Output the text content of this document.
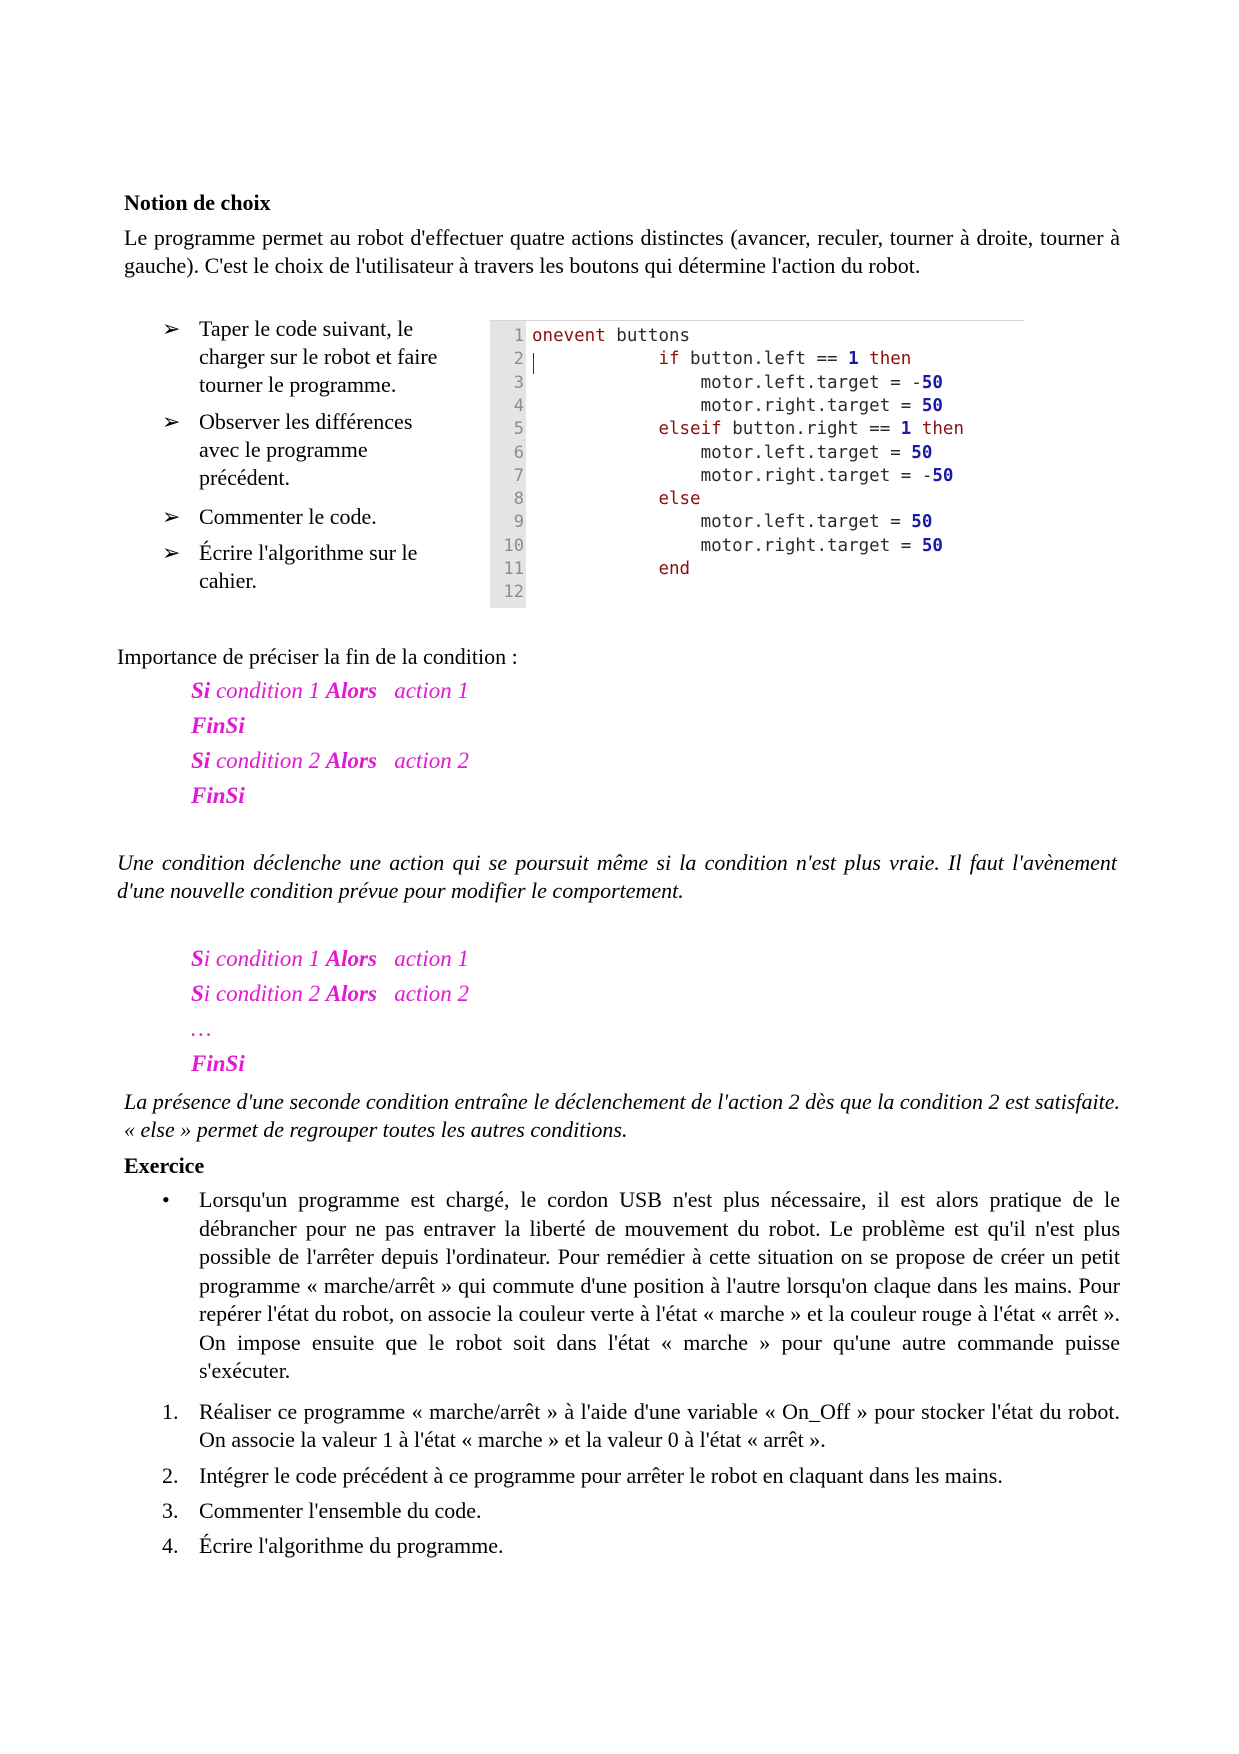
Notion de choix
Le programme permet au robot d'effectuer quatre actions distinctes (avancer, reculer, tourner à droite, tourner à gauche). C'est le choix de l'utilisateur à travers les boutons qui détermine l'action du robot.
➢ Taper le code suivant, le
charger sur le robot et faire
tourner le programme.
➢ Observer les différences
avec le programme
précédent.
➢ Commenter le code.
➢ Écrire l'algorithme sur le
cahier.
1
2
3
4
5
6
7
8
9
10
11
12
onevent buttons
if button.left == 1 then
motor.left.target = -50
motor.right.target = 50
elseif button.right == 1 then
motor.left.target = 50
motor.right.target = -50
else
motor.left.target = 50
motor.right.target = 50
end
Importance de préciser la fin de la condition :
Si condition 1 Alors   action 1
FinSi
Si condition 2 Alors   action 2
FinSi
Une condition déclenche une action qui se poursuit même si la condition n'est plus vraie. Il faut l'avènement d'une nouvelle condition prévue pour modifier le comportement.
Si condition 1 Alors   action 1
Si condition 2 Alors   action 2
…
FinSi
La présence d'une seconde condition entraîne le déclenchement de l'action 2 dès que la condition 2 est satisfaite. « else » permet de regrouper toutes les autres conditions.
Exercice
• Lorsqu'un programme est chargé, le cordon USB n'est plus nécessaire, il est alors pratique de le débrancher pour ne pas entraver la liberté de mouvement du robot. Le problème est qu'il n'est plus possible de l'arrêter depuis l'ordinateur. Pour remédier à cette situation on se propose de créer un petit programme « marche/arrêt » qui commute d'une position à l'autre lorsqu'on claque dans les mains. Pour repérer l'état du robot, on associe la couleur verte à l'état « marche » et la couleur rouge à l'état « arrêt ». On impose ensuite que le robot soit dans l'état « marche » pour qu'une autre commande puisse s'exécuter.
1. Réaliser ce programme « marche/arrêt » à l'aide d'une variable « On_Off » pour stocker l'état du robot. On associe la valeur 1 à l'état « marche » et la valeur 0 à l'état « arrêt ».
2. Intégrer le code précédent à ce programme pour arrêter le robot en claquant dans les mains.
3. Commenter l'ensemble du code.
4. Écrire l'algorithme du programme.
